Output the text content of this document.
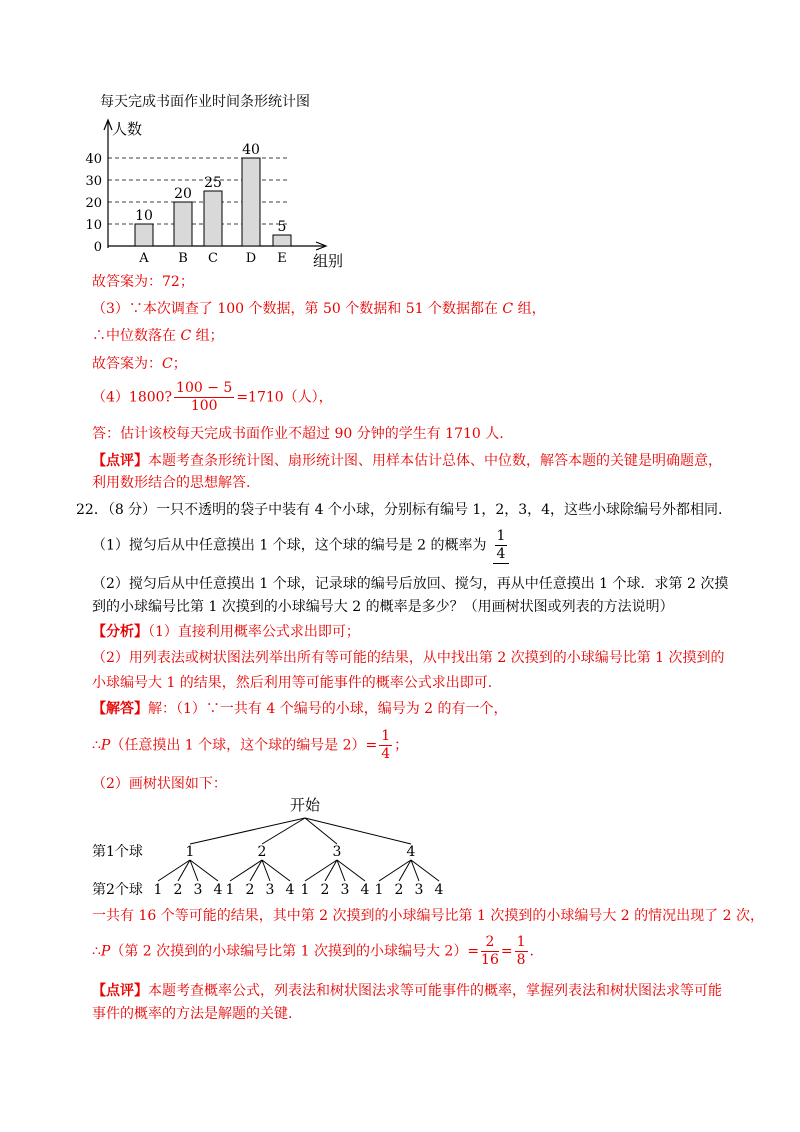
每天完成书面作业时间条形统计图
人数
组别
0
10
20
30
40
10
A
20
B
25
C
40
D
5
E
故答案为：72；
（3）∵本次调查了 100 个数据，第 50 个数据和 51 个数据都在 C 组，
∴中位数落在 C 组；
故答案为：C；
（4）1800? $\frac{100 - 5}{100} =1710$（人），
答：估计该校每天完成书面作业不超过 90 分钟的学生有 1710 人.
【点评】本题考查条形统计图、扇形统计图、用样本估计总体、中位数，解答本题的关键是明确题意，
利用数形结合的思想解答.
22．（8 分）一只不透明的袋子中装有 4 个小球，分别标有编号 1，2，3，4，这些小球除编号外都相同.
（1）搅匀后从中任意摸出 1 个球，这个球的编号是 2 的概率为 $\frac{1}{4}$
（2）搅匀后从中任意摸出 1 个球，记录球的编号后放回、搅匀，再从中任意摸出 1 个球．求第 2 次摸
到的小球编号比第 1 次摸到的小球编号大 2 的概率是多少？（用画树状图或列表的方法说明）
【分析】（1）直接利用概率公式求出即可；
（2）用列表法或树状图法列举出所有等可能的结果，从中找出第 2 次摸到的小球编号比第 1 次摸到的
小球编号大 1 的结果，然后利用等可能事件的概率公式求出即可.
【解答】解：（1）∵一共有 4 个编号的小球，编号为 2 的有一个，
∴P（任意摸出 1 个球，这个球的编号是 $2)= \frac{1}{4}$ ；
（2）画树状图如下：
开始
第1个球
第2个球
1
1 2 3 4
2
1 2 3 4
3
1 2 3 4
4
1 2 3 4
一共有 16 个等可能的结果，其中第 2 次摸到的小球编号比第 1 次摸到的小球编号大 2 的情况出现了 2 次，
∴P（第 2 次摸到的小球编号比第 1 次摸到的小球编号大 $2)= \frac{2}{16} = \frac{1}{8}$ .
【点评】本题考查概率公式，列表法和树状图法求等可能事件的概率，掌握列表法和树状图法求等可能
事件的概率的方法是解题的关键.
